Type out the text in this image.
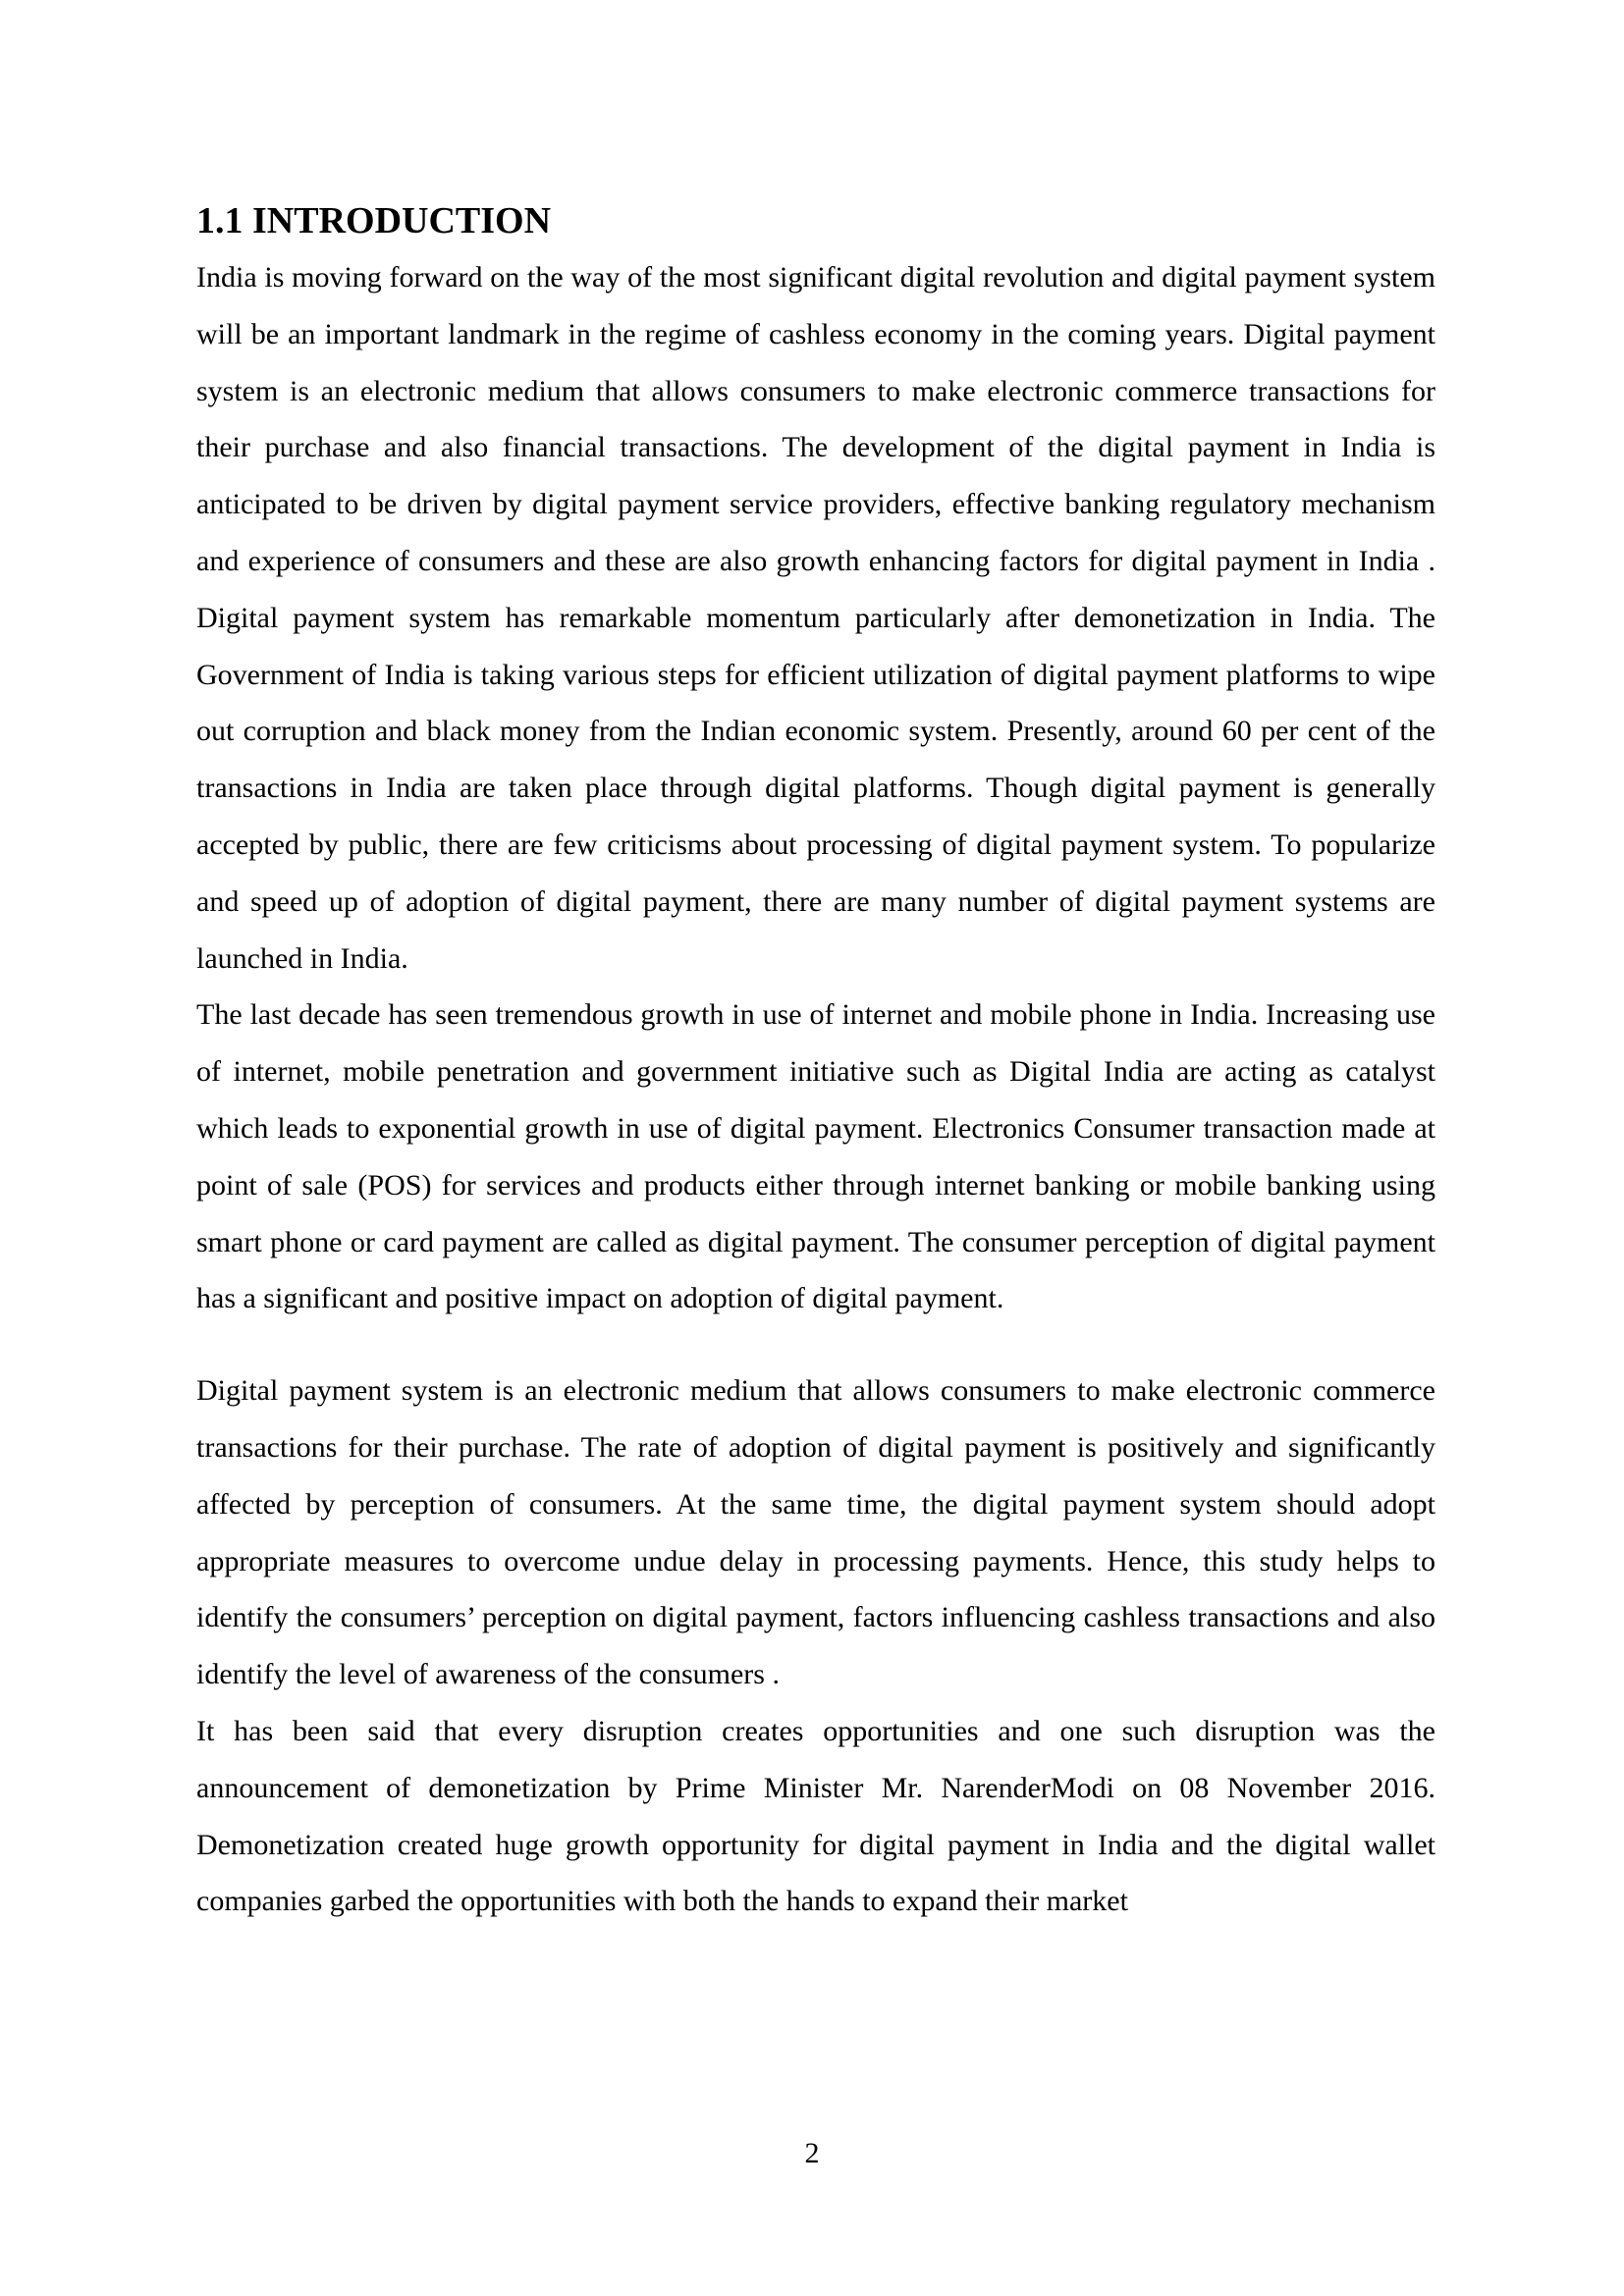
1.1 INTRODUCTION

India is moving forward on the way of the most significant digital revolution and digital payment system will be an important landmark in the regime of cashless economy in the coming years. Digital payment system is an electronic medium that allows consumers to make electronic commerce transactions for their purchase and also financial transactions. The development of the digital payment in India is anticipated to be driven by digital payment service providers, effective banking regulatory mechanism and experience of consumers and these are also growth enhancing factors for digital payment in India . Digital payment system has remarkable momentum particularly after demonetization in India. The Government of India is taking various steps for efficient utilization of digital payment platforms to wipe out corruption and black money from the Indian economic system. Presently, around 60 per cent of the transactions in India are taken place through digital platforms. Though digital payment is generally accepted by public, there are few criticisms about processing of digital payment system. To popularize and speed up of adoption of digital payment, there are many number of digital payment systems are launched in India.

The last decade has seen tremendous growth in use of internet and mobile phone in India. Increasing use of internet, mobile penetration and government initiative such as Digital India are acting as catalyst which leads to exponential growth in use of digital payment. Electronics Consumer transaction made at point of sale (POS) for services and products either through internet banking or mobile banking using smart phone or card payment are called as digital payment. The consumer perception of digital payment has a significant and positive impact on adoption of digital payment.

Digital payment system is an electronic medium that allows consumers to make electronic commerce transactions for their purchase. The rate of adoption of digital payment is positively and significantly affected by perception of consumers. At the same time, the digital payment system should adopt appropriate measures to overcome undue delay in processing payments. Hence, this study helps to identify the consumers’ perception on digital payment, factors influencing cashless transactions and also identify the level of awareness of the consumers .

It has been said that every disruption creates opportunities and one such disruption was the announcement of demonetization by Prime Minister Mr. NarenderModi on 08 November 2016. Demonetization created huge growth opportunity for digital payment in India and the digital wallet companies garbed the opportunities with both the hands to expand their market

2
